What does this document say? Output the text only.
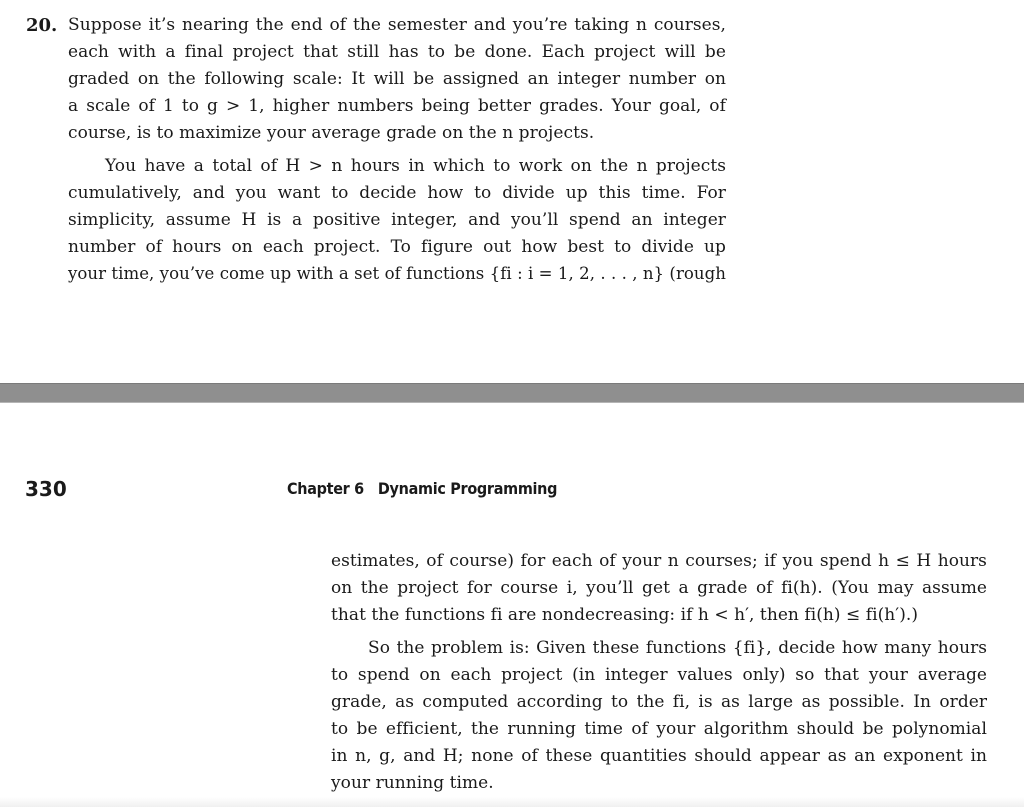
20. Suppose it’s nearing the end of the semester and you’re taking n courses,
each with a final project that still has to be done. Each project will be
graded on the following scale: It will be assigned an integer number on
a scale of 1 to g > 1, higher numbers being better grades. Your goal, of
course, is to maximize your average grade on the n projects.
You have a total of H > n hours in which to work on the n projects
cumulatively, and you want to decide how to divide up this time. For
simplicity, assume H is a positive integer, and you’ll spend an integer
number of hours on each project. To figure out how best to divide up
your time, you’ve come up with a set of functions {fi : i = 1, 2, . . . , n} (rough
330	Chapter 6 Dynamic Programming
estimates, of course) for each of your n courses; if you spend h ≤ H hours
on the project for course i, you’ll get a grade of fi(h). (You may assume
that the functions fi are nondecreasing: if h < h′, then fi(h) ≤ fi(h′).)
So the problem is: Given these functions {fi}, decide how many hours
to spend on each project (in integer values only) so that your average
grade, as computed according to the fi, is as large as possible. In order
to be efficient, the running time of your algorithm should be polynomial
in n, g, and H; none of these quantities should appear as an exponent in
your running time.
